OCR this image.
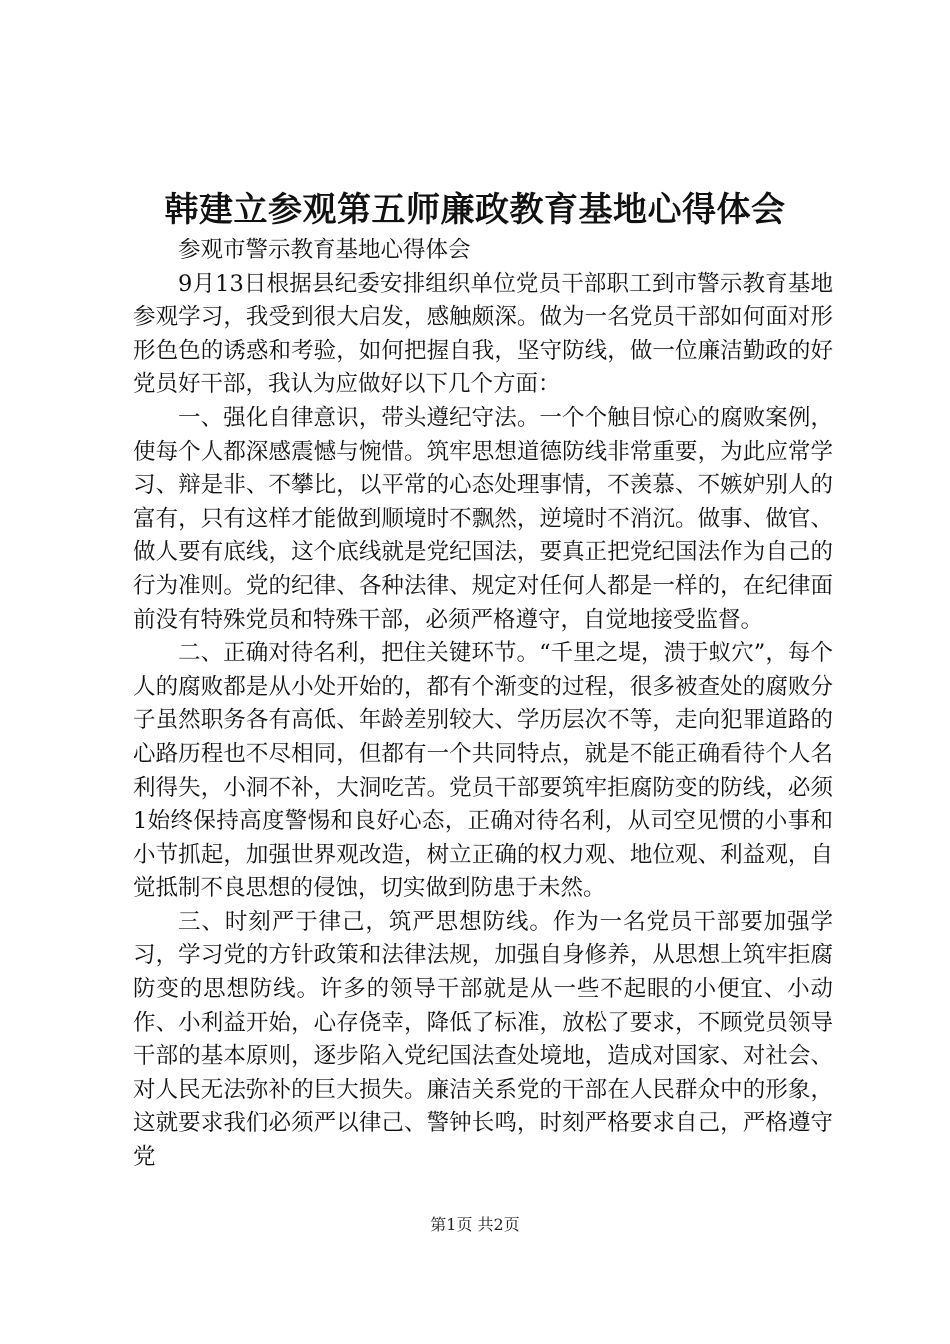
韩建立参观第五师廉政教育基地心得体会

参观市警示教育基地心得体会

9月13日根据县纪委安排组织单位党员干部职工到市警示教育基地参观学习，我受到很大启发，感触颇深。做为一名党员干部如何面对形形色色的诱惑和考验，如何把握自我，坚守防线，做一位廉洁勤政的好党员好干部，我认为应做好以下几个方面：

一、强化自律意识，带头遵纪守法。一个个触目惊心的腐败案例，使每个人都深感震憾与惋惜。筑牢思想道德防线非常重要，为此应常学习、辩是非、不攀比，以平常的心态处理事情，不羡慕、不嫉妒别人的富有，只有这样才能做到顺境时不飘然，逆境时不消沉。做事、做官、做人要有底线，这个底线就是党纪国法，要真正把党纪国法作为自己的行为准则。党的纪律、各种法律、规定对任何人都是一样的，在纪律面前没有特殊党员和特殊干部，必须严格遵守，自觉地接受监督。

二、正确对待名利，把住关键环节。“千里之堤，溃于蚁穴”，每个人的腐败都是从小处开始的，都有个渐变的过程，很多被查处的腐败分子虽然职务各有高低、年龄差别较大、学历层次不等，走向犯罪道路的心路历程也不尽相同，但都有一个共同特点，就是不能正确看待个人名利得失，小洞不补，大洞吃苦。党员干部要筑牢拒腐防变的防线，必须1始终保持高度警惕和良好心态，正确对待名利，从司空见惯的小事和小节抓起，加强世界观改造，树立正确的权力观、地位观、利益观，自觉抵制不良思想的侵蚀，切实做到防患于未然。

三、时刻严于律己，筑严思想防线。作为一名党员干部要加强学习，学习党的方针政策和法律法规，加强自身修养，从思想上筑牢拒腐防变的思想防线。许多的领导干部就是从一些不起眼的小便宜、小动作、小利益开始，心存侥幸，降低了标准，放松了要求，不顾党员领导干部的基本原则，逐步陷入党纪国法查处境地，造成对国家、对社会、对人民无法弥补的巨大损失。廉洁关系党的干部在人民群众中的形象，这就要求我们必须严以律己、警钟长鸣，时刻严格要求自己，严格遵守党

第1页 共2页
